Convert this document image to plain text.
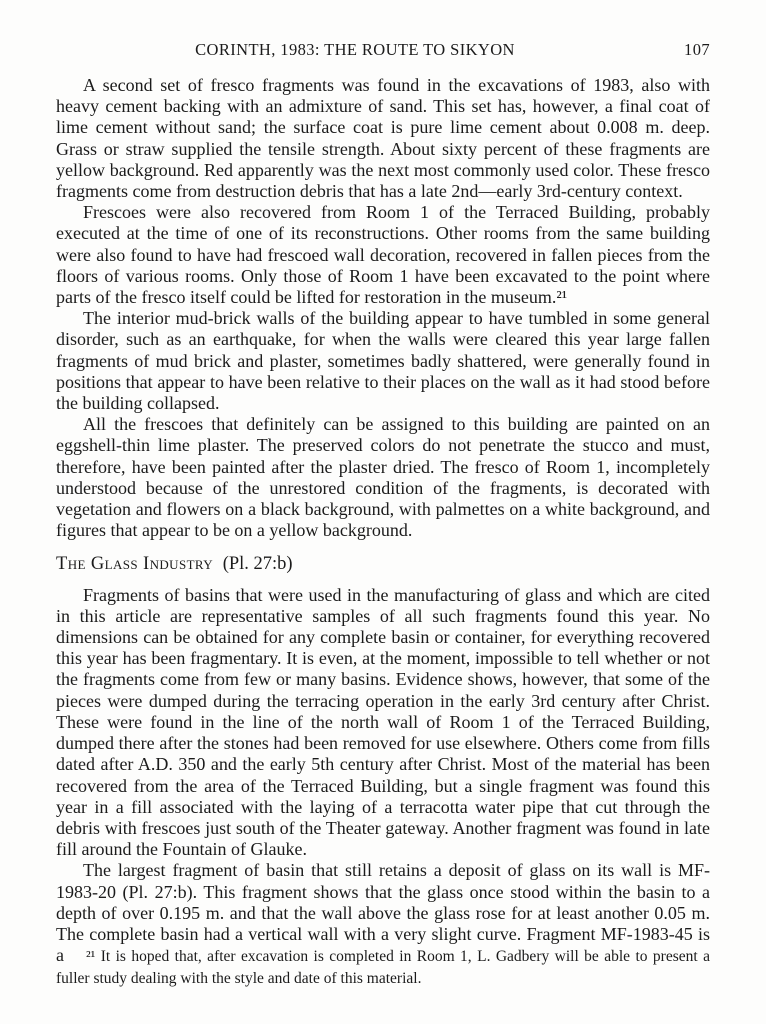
CORINTH, 1983: THE ROUTE TO SIKYON	107

A second set of fresco fragments was found in the excavations of 1983, also with heavy cement backing with an admixture of sand. This set has, however, a final coat of lime cement without sand; the surface coat is pure lime cement about 0.008 m. deep. Grass or straw supplied the tensile strength. About sixty percent of these fragments are yellow background. Red apparently was the next most commonly used color. These fresco fragments come from destruction debris that has a late 2nd—early 3rd-century context.

Frescoes were also recovered from Room 1 of the Terraced Building, probably executed at the time of one of its reconstructions. Other rooms from the same building were also found to have had frescoed wall decoration, recovered in fallen pieces from the floors of various rooms. Only those of Room 1 have been excavated to the point where parts of the fresco itself could be lifted for restoration in the museum.²¹

The interior mud-brick walls of the building appear to have tumbled in some general disorder, such as an earthquake, for when the walls were cleared this year large fallen fragments of mud brick and plaster, sometimes badly shattered, were generally found in positions that appear to have been relative to their places on the wall as it had stood before the building collapsed.

All the frescoes that definitely can be assigned to this building are painted on an eggshell-thin lime plaster. The preserved colors do not penetrate the stucco and must, therefore, have been painted after the plaster dried. The fresco of Room 1, incompletely understood because of the unrestored condition of the fragments, is decorated with vegetation and flowers on a black background, with palmettes on a white background, and figures that appear to be on a yellow background.

The Glass Industry (Pl. 27:b)

Fragments of basins that were used in the manufacturing of glass and which are cited in this article are representative samples of all such fragments found this year. No dimensions can be obtained for any complete basin or container, for everything recovered this year has been fragmentary. It is even, at the moment, impossible to tell whether or not the fragments come from few or many basins. Evidence shows, however, that some of the pieces were dumped during the terracing operation in the early 3rd century after Christ. These were found in the line of the north wall of Room 1 of the Terraced Building, dumped there after the stones had been removed for use elsewhere. Others come from fills dated after A.D. 350 and the early 5th century after Christ. Most of the material has been recovered from the area of the Terraced Building, but a single fragment was found this year in a fill associated with the laying of a terracotta water pipe that cut through the debris with frescoes just south of the Theater gateway. Another fragment was found in late fill around the Fountain of Glauke.

The largest fragment of basin that still retains a deposit of glass on its wall is MF-1983-20 (Pl. 27:b). This fragment shows that the glass once stood within the basin to a depth of over 0.195 m. and that the wall above the glass rose for at least another 0.05 m. The complete basin had a vertical wall with a very slight curve. Fragment MF-1983-45 is a	²¹ It is hoped that, after excavation is completed in Room 1, L. Gadbery will be able to present a fuller study dealing with the style and date of this material.
